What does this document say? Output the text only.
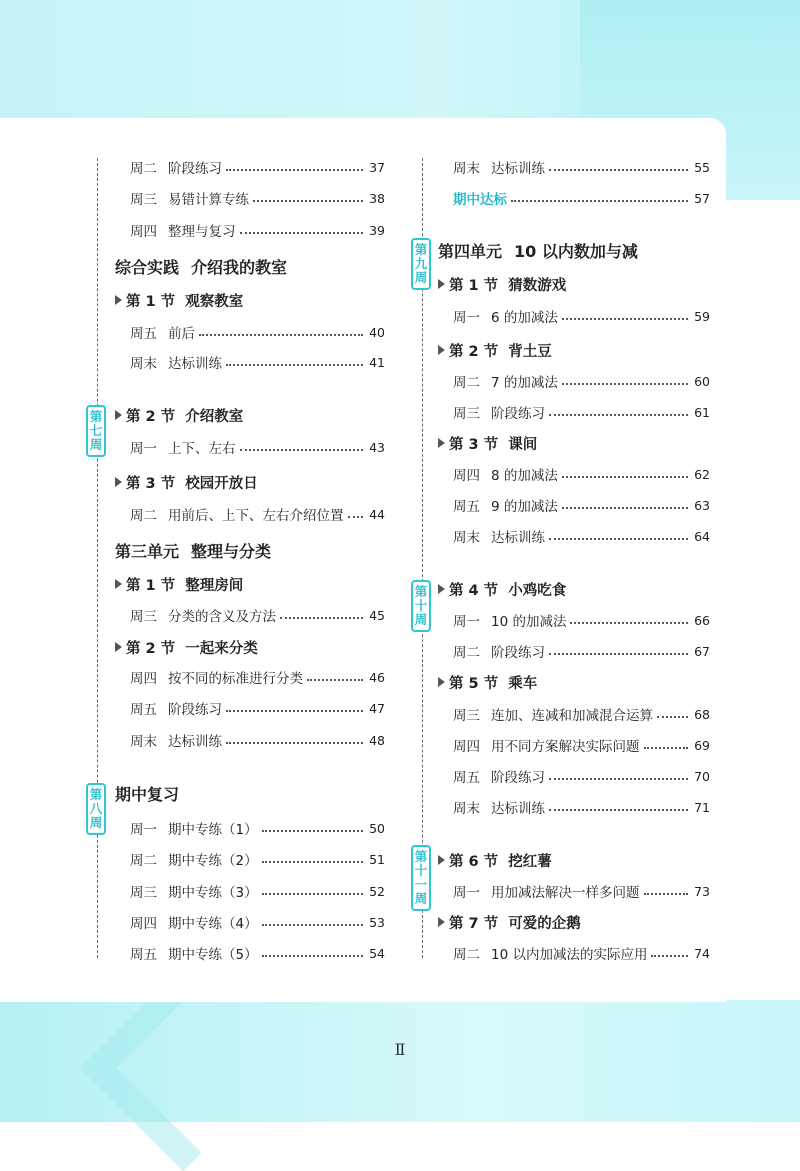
第
七
周
第
八
周
第
九
周
第
十
周
第
十
一
周
周二 阶段练习	37
周三 易错计算专练	38
周四 整理与复习	39
综合实践 介绍我的教室
第 1 节
观察教室
周五 前后	40
周末 达标训练	41
第 2 节
介绍教室
周一 上下、左右	43
第 3 节
校园开放日
周二 用前后、上下、左右介绍位置 44
第三单元 整理与分类
第 1 节
整理房间
周三 分类的含义及方法	45
第 2 节
一起来分类
周四 按不同的标准进行分类	46
周五 阶段练习	47
周末 达标训练	48
期中复习
周一 期中专练（1）	50
周二 期中专练（2）	51
周三 期中专练（3）	52
周四 期中专练（4）	53
周五 期中专练（5）	54
周末 达标训练	55
期中达标	57
第四单元 10 以内数加与减
第 1 节
猜数游戏
周一 6 的加减法	59
第 2 节
背土豆
周二 7 的加减法	60
周三 阶段练习	61
第 3 节
课间
周四 8 的加减法	62
周五 9 的加减法	63
周末 达标训练	64
第 4 节
小鸡吃食
周一 10 的加减法	66
周二 阶段练习	67
第 5 节
乘车
周三 连加、连减和加减混合运算	68
周四 用不同方案解决实际问题	69
周五 阶段练习	70
周末 达标训练	71
第 6 节
挖红薯
周一 用加减法解决一样多问题	73
第 7 节
可爱的企鹅
周二 10 以内加减法的实际应用	74
Ⅱ
